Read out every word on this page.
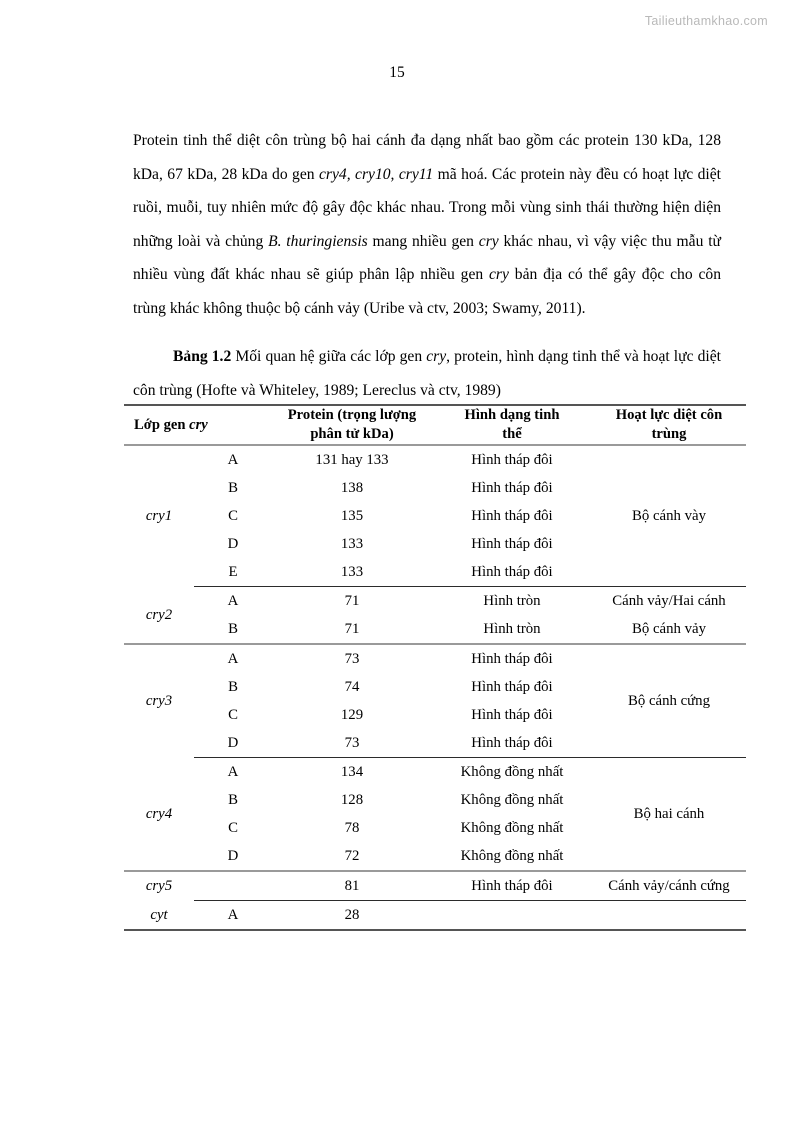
Tailieuthamkhao.com
15

Protein tinh thể diệt côn trùng bộ hai cánh đa dạng nhất bao gồm các protein 130 kDa, 128 kDa, 67 kDa, 28 kDa do gen cry4, cry10, cry11 mã hoá. Các protein này đều có hoạt lực diệt ruồi, muỗi, tuy nhiên mức độ gây độc khác nhau. Trong mỗi vùng sinh thái thường hiện diện những loài và chủng B. thuringiensis mang nhiều gen cry khác nhau, vì vậy việc thu mẫu từ nhiều vùng đất khác nhau sẽ giúp phân lập nhiều gen cry bản địa có thể gây độc cho côn trùng khác không thuộc bộ cánh vảy (Uribe và ctv, 2003; Swamy, 2011).

Bảng 1.2 Mối quan hệ giữa các lớp gen cry, protein, hình dạng tinh thể và hoạt lực diệt côn trùng (Hofte và Whiteley, 1989; Lereclus và ctv, 1989)

Lớp gen cry	
Protein (trọng lượng
phân tử kDa)

Hình dạng tinh
thể

Hoạt lực diệt côn
trùng

cry1	A	131 hay 133	Hình tháp đôi	Bộ cánh vày
	B	138	Hình tháp đôi	
	C	135	Hình tháp đôi	
	D	133	Hình tháp đôi	
	E	133	Hình tháp đôi	

cry2	A	71	Hình tròn	Cánh vảy/Hai cánh
	B	71	Hình tròn	Bộ cánh vảy

cry3	A	73	Hình tháp đôi	Bộ cánh cứng
	B	74	Hình tháp đôi	
	C	129	Hình tháp đôi	
	D	73	Hình tháp đôi	

cry4	A	134	Không đồng nhất	Bộ hai cánh
	B	128	Không đồng nhất	
	C	78	Không đồng nhất	
	D	72	Không đồng nhất	

cry5		81	Hình tháp đôi	Cánh vảy/cánh cứng

cyt	A	28		
